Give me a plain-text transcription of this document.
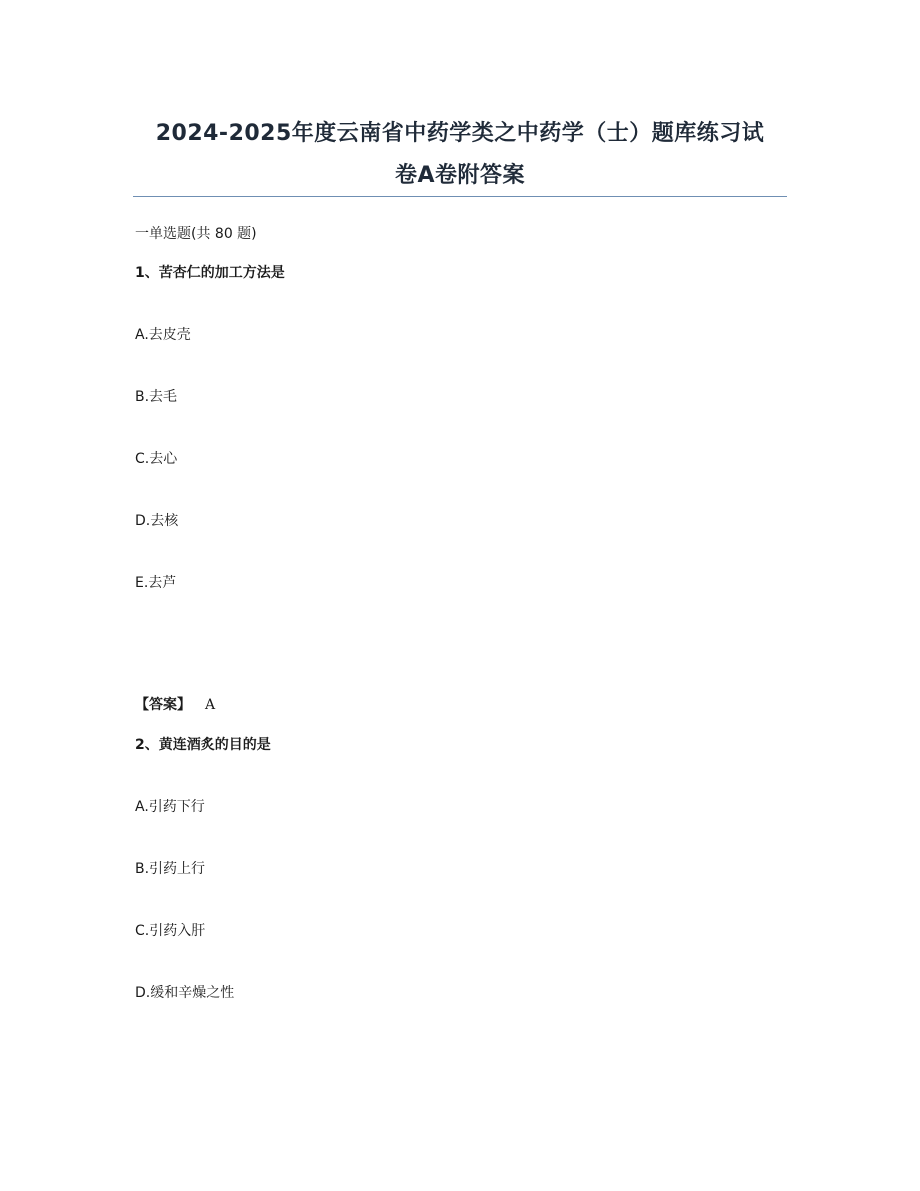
2024-2025年度云南省中药学类之中药学（士）题库练习试
卷A卷附答案
一单选题(共 80 题)
1、苦杏仁的加工方法是
A.去皮壳
B.去毛
C.去心
D.去核
E.去芦
【答案】 A
2、黄连酒炙的目的是
A.引药下行
B.引药上行
C.引药入肝
D.缓和辛燥之性
